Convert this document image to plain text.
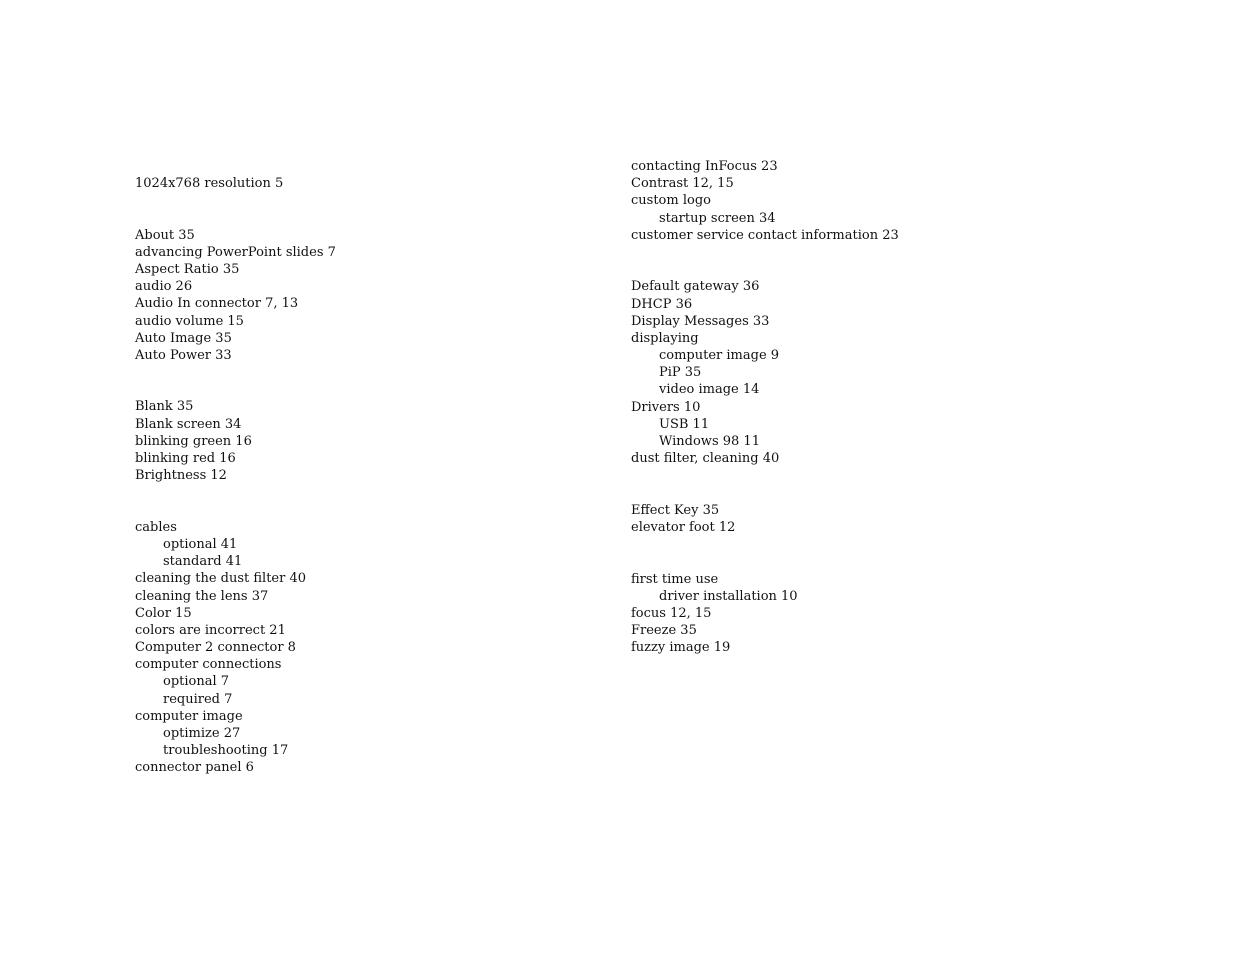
1024x768 resolution 5
About 35
advancing PowerPoint slides 7
Aspect Ratio 35
audio 26
Audio In connector 7, 13
audio volume 15
Auto Image 35
Auto Power 33
Blank 35
Blank screen 34
blinking green 16
blinking red 16
Brightness 12
cables
optional 41
standard 41
cleaning the dust filter 40
cleaning the lens 37
Color 15
colors are incorrect 21
Computer 2 connector 8
computer connections
optional 7
required 7
computer image
optimize 27
troubleshooting 17
connector panel 6
contacting InFocus 23
Contrast 12, 15
custom logo
startup screen 34
customer service contact information 23
Default gateway 36
DHCP 36
Display Messages 33
displaying
computer image 9
PiP 35
video image 14
Drivers 10
USB 11
Windows 98 11
dust filter, cleaning 40
Effect Key 35
elevator foot 12
first time use
driver installation 10
focus 12, 15
Freeze 35
fuzzy image 19
